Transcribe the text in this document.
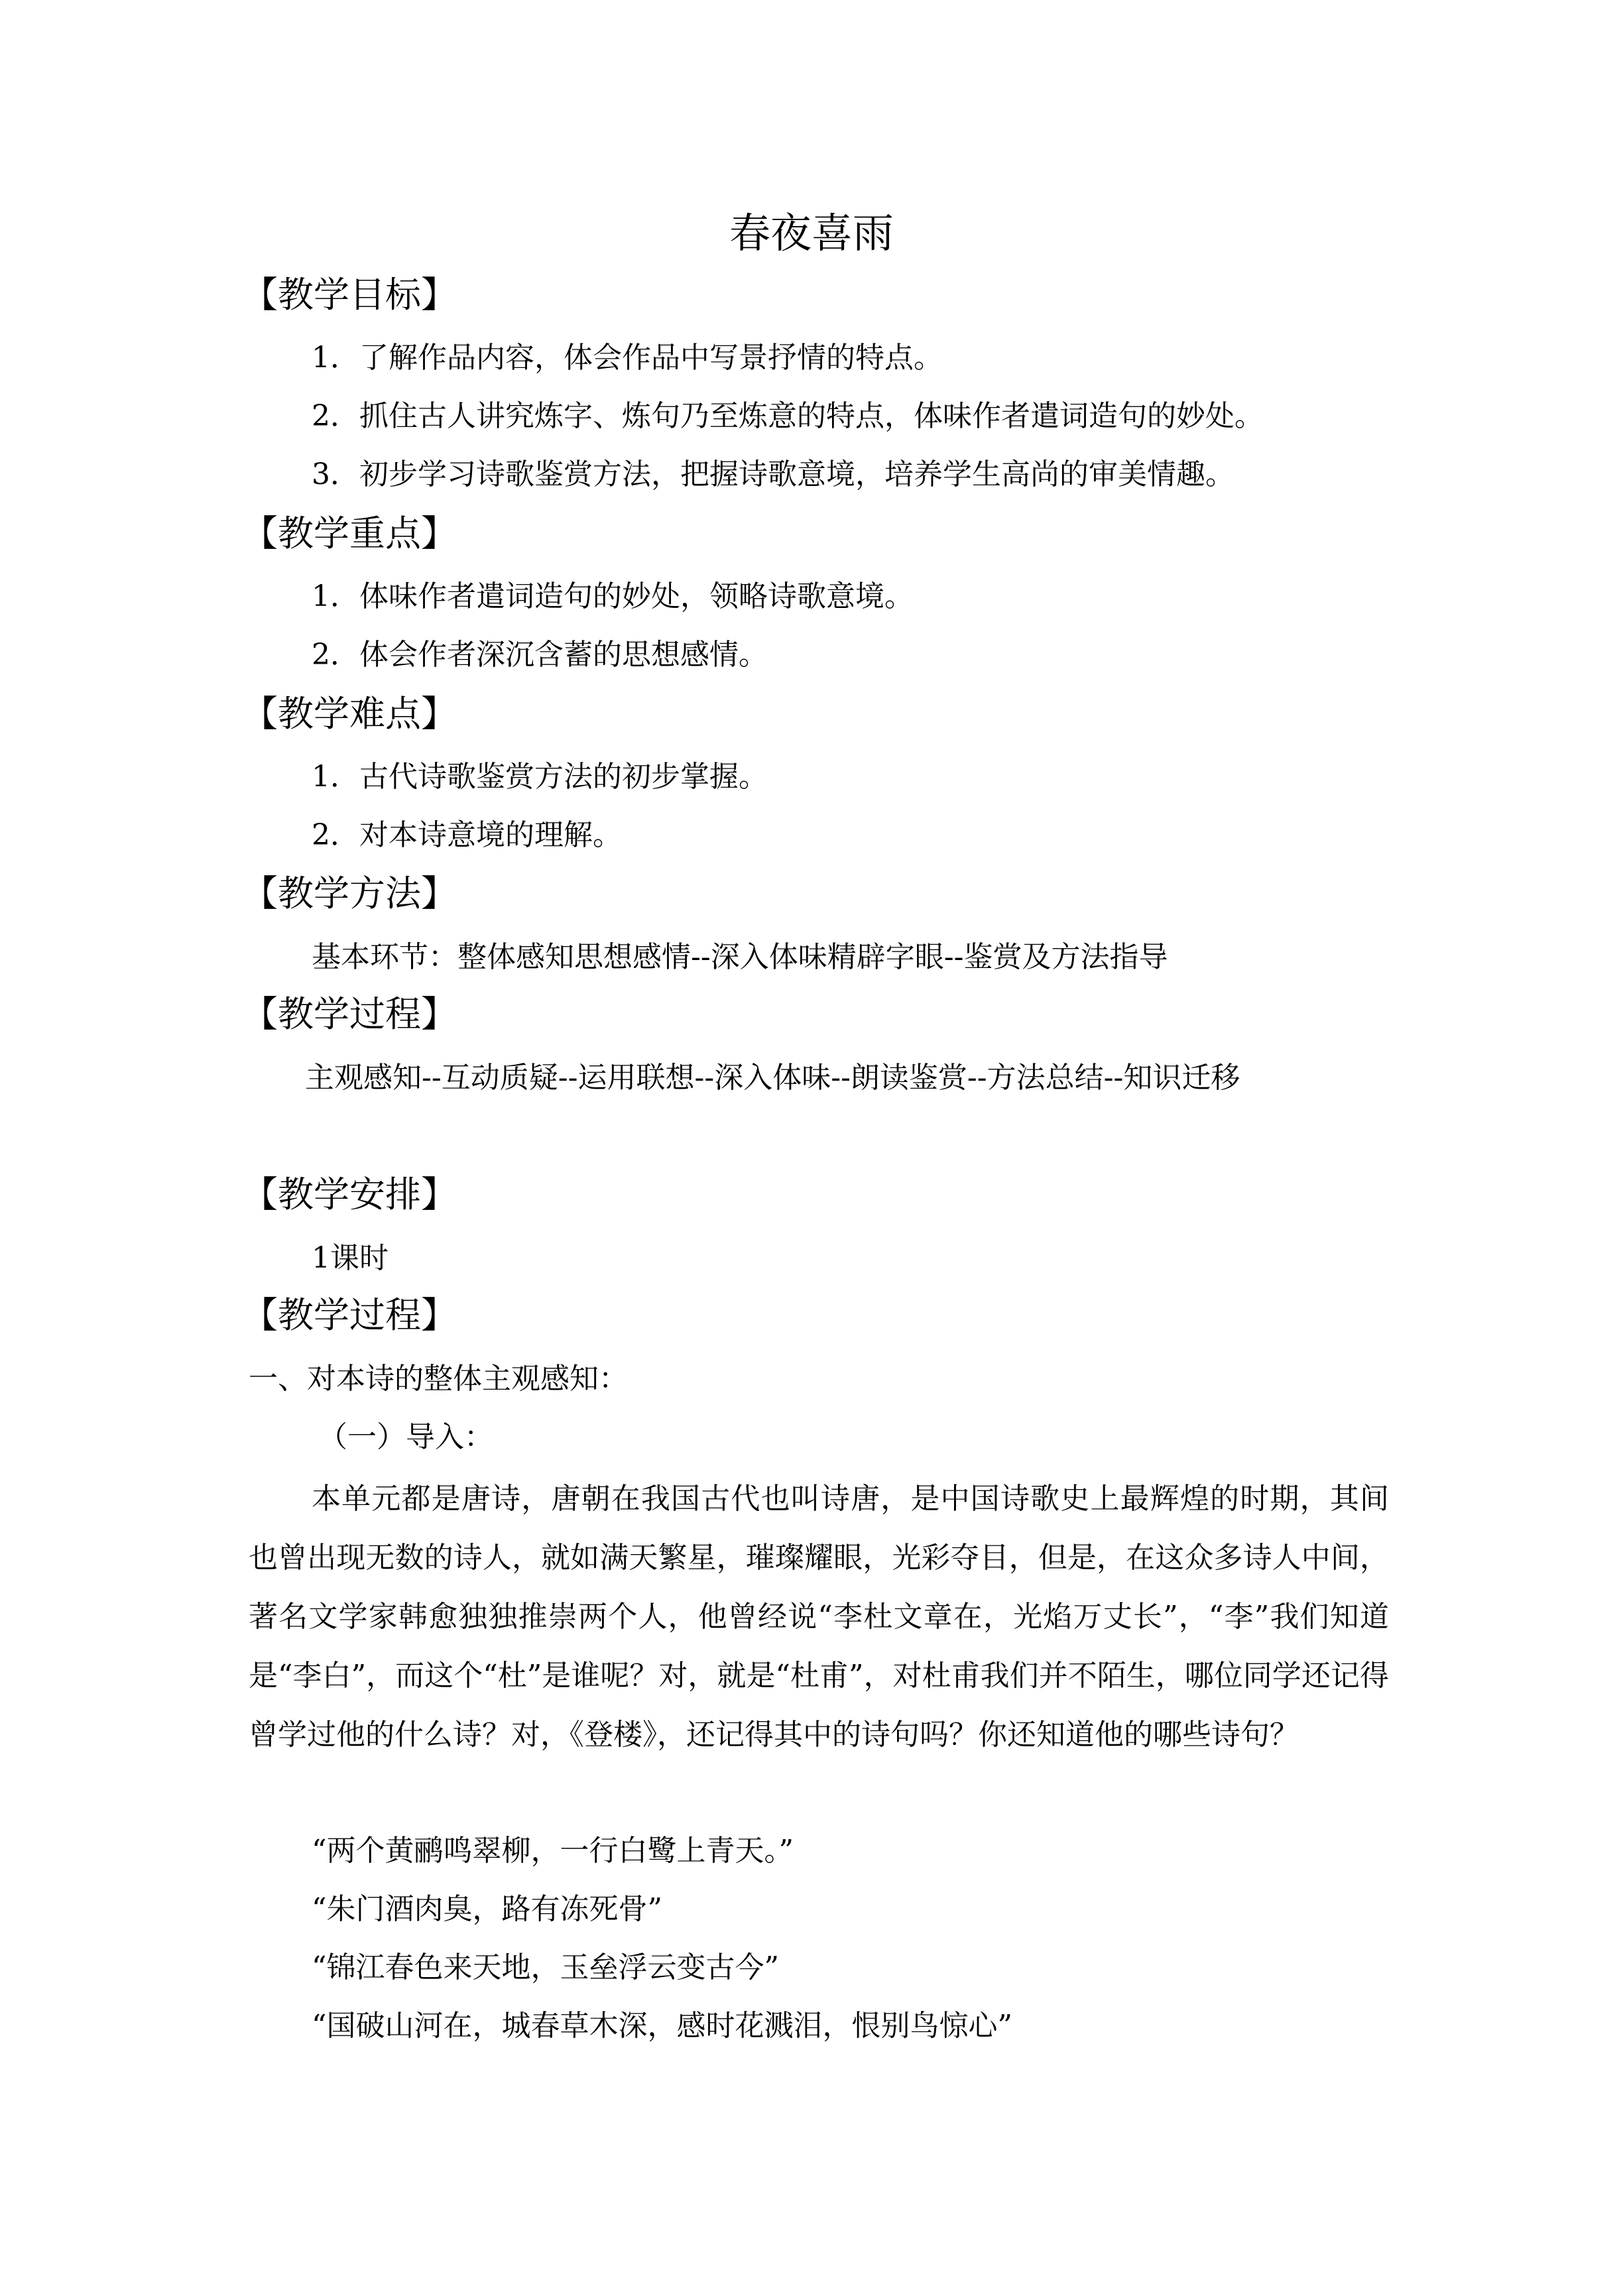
春夜喜雨
【教学目标】
1．了解作品内容，体会作品中写景抒情的特点。
2．抓住古人讲究炼字、炼句乃至炼意的特点，体味作者遣词造句的妙处。
3．初步学习诗歌鉴赏方法，把握诗歌意境，培养学生高尚的审美情趣。
【教学重点】
1．体味作者遣词造句的妙处，领略诗歌意境。
2．体会作者深沉含蓄的思想感情。
【教学难点】
1．古代诗歌鉴赏方法的初步掌握。
2．对本诗意境的理解。
【教学方法】
基本环节：整体感知思想感情--深入体味精辟字眼--鉴赏及方法指导
【教学过程】
主观感知--互动质疑--运用联想--深入体味--朗读鉴赏--方法总结--知识迁移
【教学安排】
1课时
【教学过程】
一、对本诗的整体主观感知：
（一）导入：
本单元都是唐诗，唐朝在我国古代也叫诗唐，是中国诗歌史上最辉煌的时期，其间也曾出现无数的诗人，就如满天繁星，璀璨耀眼，光彩夺目，但是，在这众多诗人中间，著名文学家韩愈独独推崇两个人，他曾经说“李杜文章在，光焰万丈长”，“李”我们知道是“李白”，而这个“杜”是谁呢？对，就是“杜甫”，对杜甫我们并不陌生，哪位同学还记得曾学过他的什么诗？对，《登楼》，还记得其中的诗句吗？你还知道他的哪些诗句？
“两个黄鹂鸣翠柳，一行白鹭上青天。”
“朱门酒肉臭，路有冻死骨”
“锦江春色来天地，玉垒浮云变古今”
“国破山河在，城春草木深，感时花溅泪，恨别鸟惊心”
